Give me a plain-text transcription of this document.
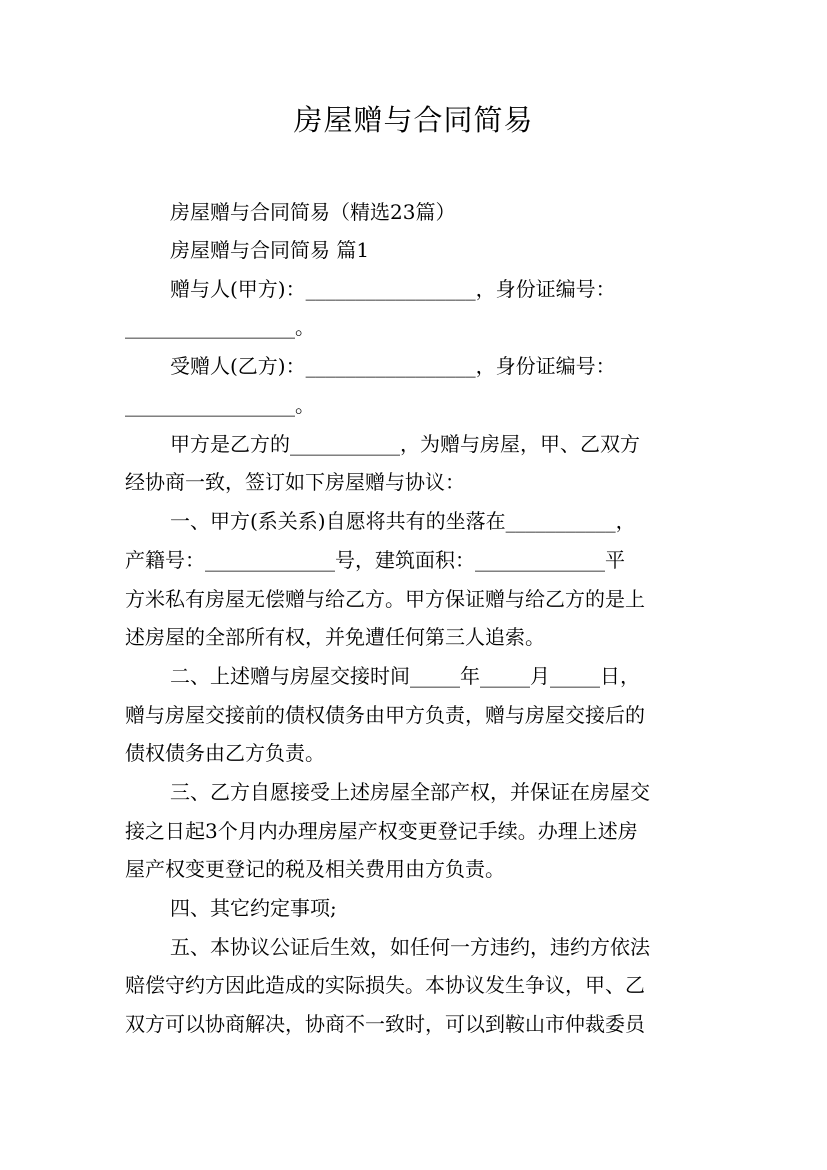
房屋赠与合同简易
房屋赠与合同简易（精选23篇）
房屋赠与合同简易 篇1
赠与人(甲方)：_________________，身份证编号：
_________________。
受赠人(乙方)：_________________，身份证编号：
_________________。
甲方是乙方的___________，为赠与房屋，甲、乙双方
经协商一致，签订如下房屋赠与协议：
一、甲方(系关系)自愿将共有的坐落在___________，
产籍号：_____________号，建筑面积：_____________平
方米私有房屋无偿赠与给乙方。甲方保证赠与给乙方的是上
述房屋的全部所有权，并免遭任何第三人追索。
二、上述赠与房屋交接时间_____年_____月_____日，
赠与房屋交接前的债权债务由甲方负责，赠与房屋交接后的
债权债务由乙方负责。
三、乙方自愿接受上述房屋全部产权，并保证在房屋交
接之日起3个月内办理房屋产权变更登记手续。办理上述房
屋产权变更登记的税及相关费用由方负责。
四、其它约定事项;
五、本协议公证后生效，如任何一方违约，违约方依法
赔偿守约方因此造成的实际损失。本协议发生争议，甲、乙
双方可以协商解决，协商不一致时，可以到鞍山市仲裁委员
